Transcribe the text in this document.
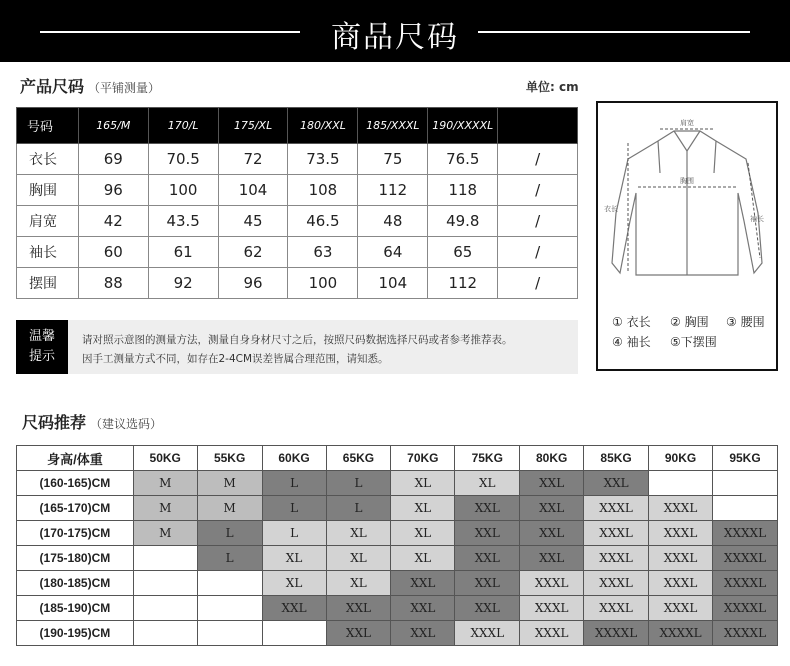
商品尺码
产品尺码 （平铺测量）	单位: cm
号码	165/M	170/L	175/XL	180/XXL	185/XXXL	190/XXXXL	
衣长	69	70.5	72	73.5	75	76.5	/
胸围	96	100	104	108	112	118	/
肩宽	42	43.5	45	46.5	48	49.8	/
袖长	60	61	62	63	64	65	/
摆围	88	92	96	100	104	112	/
温馨
提示
请对照示意图的测量方法，测量自身身材尺寸之后，按照尺码数据选择尺码或者参考推荐表。
因手工测量方式不同，如存在2-4CM误差皆属合理范围，请知悉。
肩宽
胸围
衣长
袖长
① 衣长 ② 胸围 ③ 腰围
④ 袖长 ⑤下摆围
尺码推荐 （建议选码）
身高/体重	50KG	55KG	60KG	65KG	70KG	75KG	80KG	85KG	90KG	95KG
(160-165)CM	M	M	L	L	XL	XL	XXL	XXL		
(165-170)CM	M	M	L	L	XL	XXL	XXL	XXXL	XXXL	
(170-175)CM	M	L	L	XL	XL	XXL	XXL	XXXL	XXXL	XXXXL
(175-180)CM		L	XL	XL	XL	XXL	XXL	XXXL	XXXL	XXXXL
(180-185)CM			XL	XL	XXL	XXL	XXXL	XXXL	XXXL	XXXXL
(185-190)CM			XXL	XXL	XXL	XXL	XXXL	XXXL	XXXL	XXXXL
(190-195)CM				XXL	XXL	XXXL	XXXL	XXXXL	XXXXL	XXXXL
